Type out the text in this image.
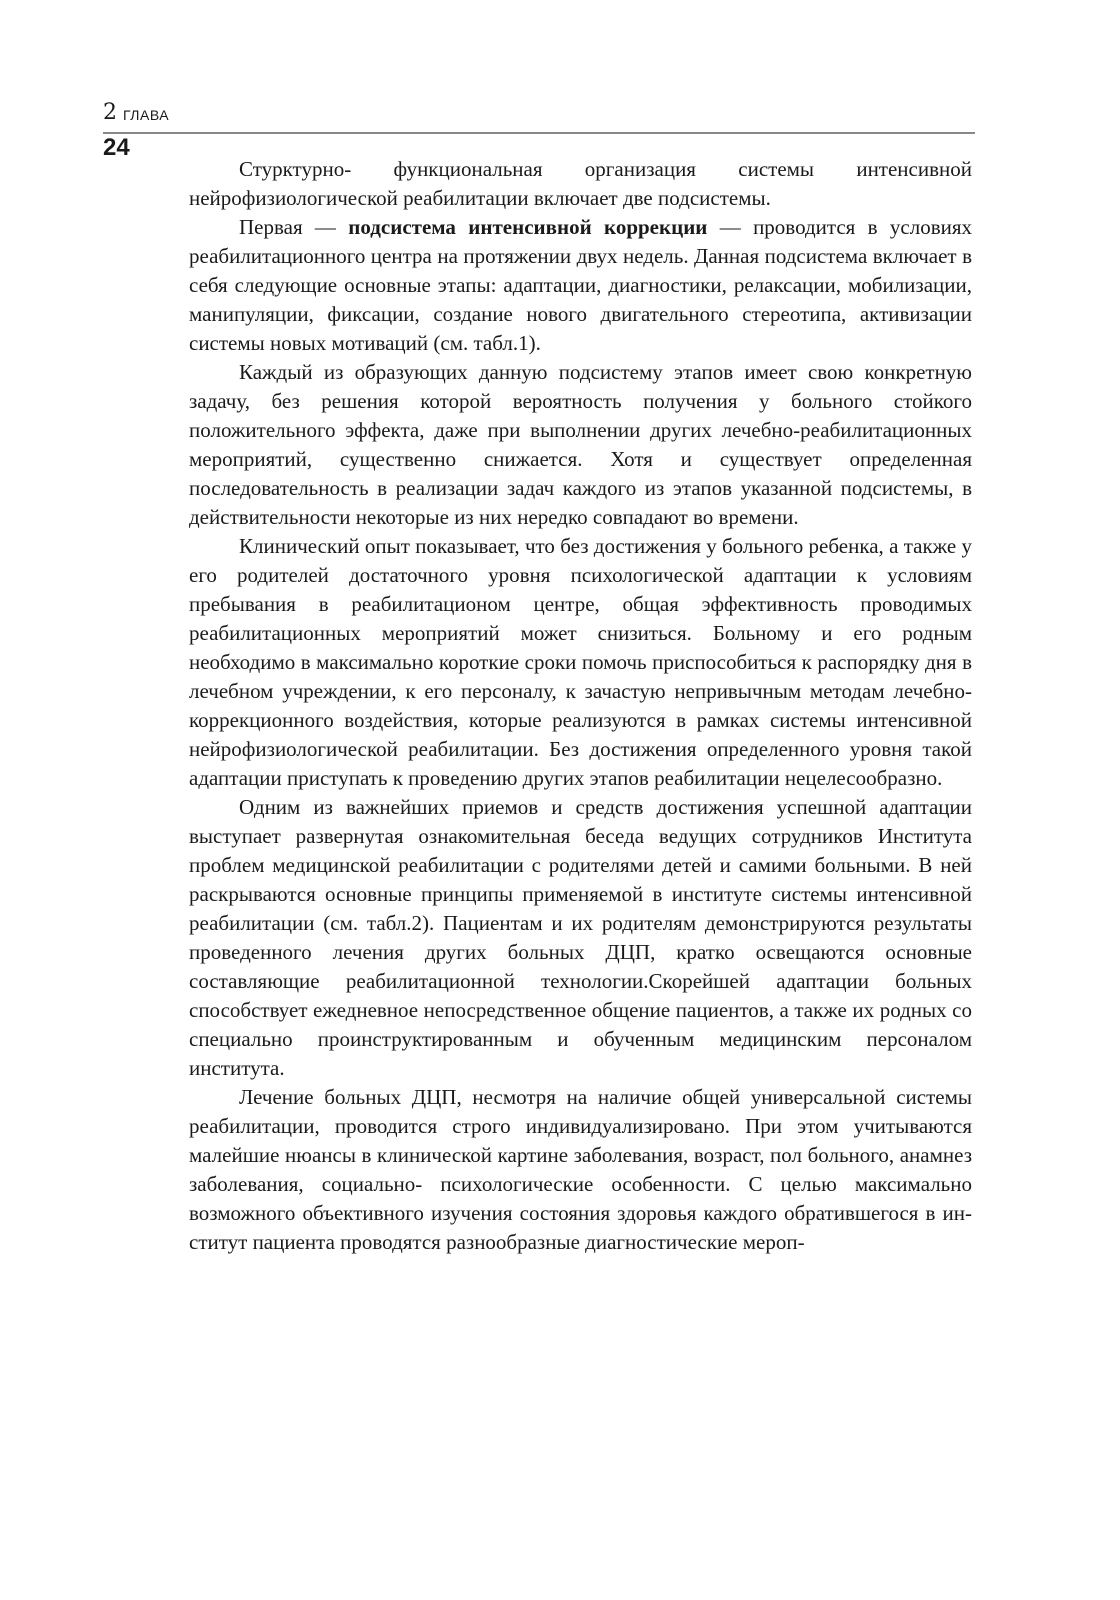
2 ГЛАВА
24

Стурктурно- функциональная организация системы интенсивной нейрофизиологической реабилитации включает две подсистемы.

Первая — подсистема интенсивной коррекции — проводится в условиях реабилитационного центра на протяжении двух недель. Данная подсистема включает в себя следующие основные этапы: адаптации, диагностики, релаксации, мобилизации, манипуляции, фиксации, создание нового двигательного стереотипа, активизации системы новых мотиваций (см. табл.1).

Каждый из образующих данную подсистему этапов имеет свою конкретную задачу, без решения которой вероятность получения у больного стойкого положительного эффекта, даже при выполнении других лечебно-реабилитационных мероприятий, существенно снижается. Хотя и существует определенная последовательность в реализации задач каждого из этапов указанной подсистемы, в действительности некоторые из них нередко совпадают во времени.

Клинический опыт показывает, что без достижения у больного ребенка, а также у его родителей достаточного уровня психологической адаптации к условиям пребывания в реабилитационом центре, общая эффективность проводимых реабилитационных мероприятий может снизиться. Больному и его родным необходимо в максимально короткие сроки помочь приспособиться к распорядку дня в лечебном учреждении, к его персоналу, к зачастую непривычным методам лечебно- коррекционного воздействия, которые реализуются в рамках системы интенсивной нейрофизиологической реабилитации. Без достижения определенного уровня такой адаптации приступать к проведению других этапов реабилитации нецелесообразно.

Одним из важнейших приемов и средств достижения успешной адаптации выступает развернутая ознакомительная беседа ведущих сотрудников Института проблем медицинской реабилитации с родителями детей и самими больными. В ней раскрываются основные принципы применяемой в институте системы интенсивной реабилитации (см. табл.2). Пациентам и их родителям демонстрируются результаты проведенного лечения других больных ДЦП, кратко освещаются основные составляющие реабилитационной технологии.Скорейшей адаптации больных способствует ежедневное непосредственное общение пациентов, а также их родных со специально проинструктированным и обученным медицинским персоналом института.

Лечение больных ДЦП, несмотря на наличие общей универсальной системы реабилитации, проводится строго индивидуализировано. При этом учитываются малейшие нюансы в клинической картине заболевания, возраст, пол больного, анамнез заболевания, социально- психологические особенности. С целью максимально возможного объективного изучения состояния здоровья каждого обратившегося в институт пациента проводятся разнообразные диагностические мероп-
